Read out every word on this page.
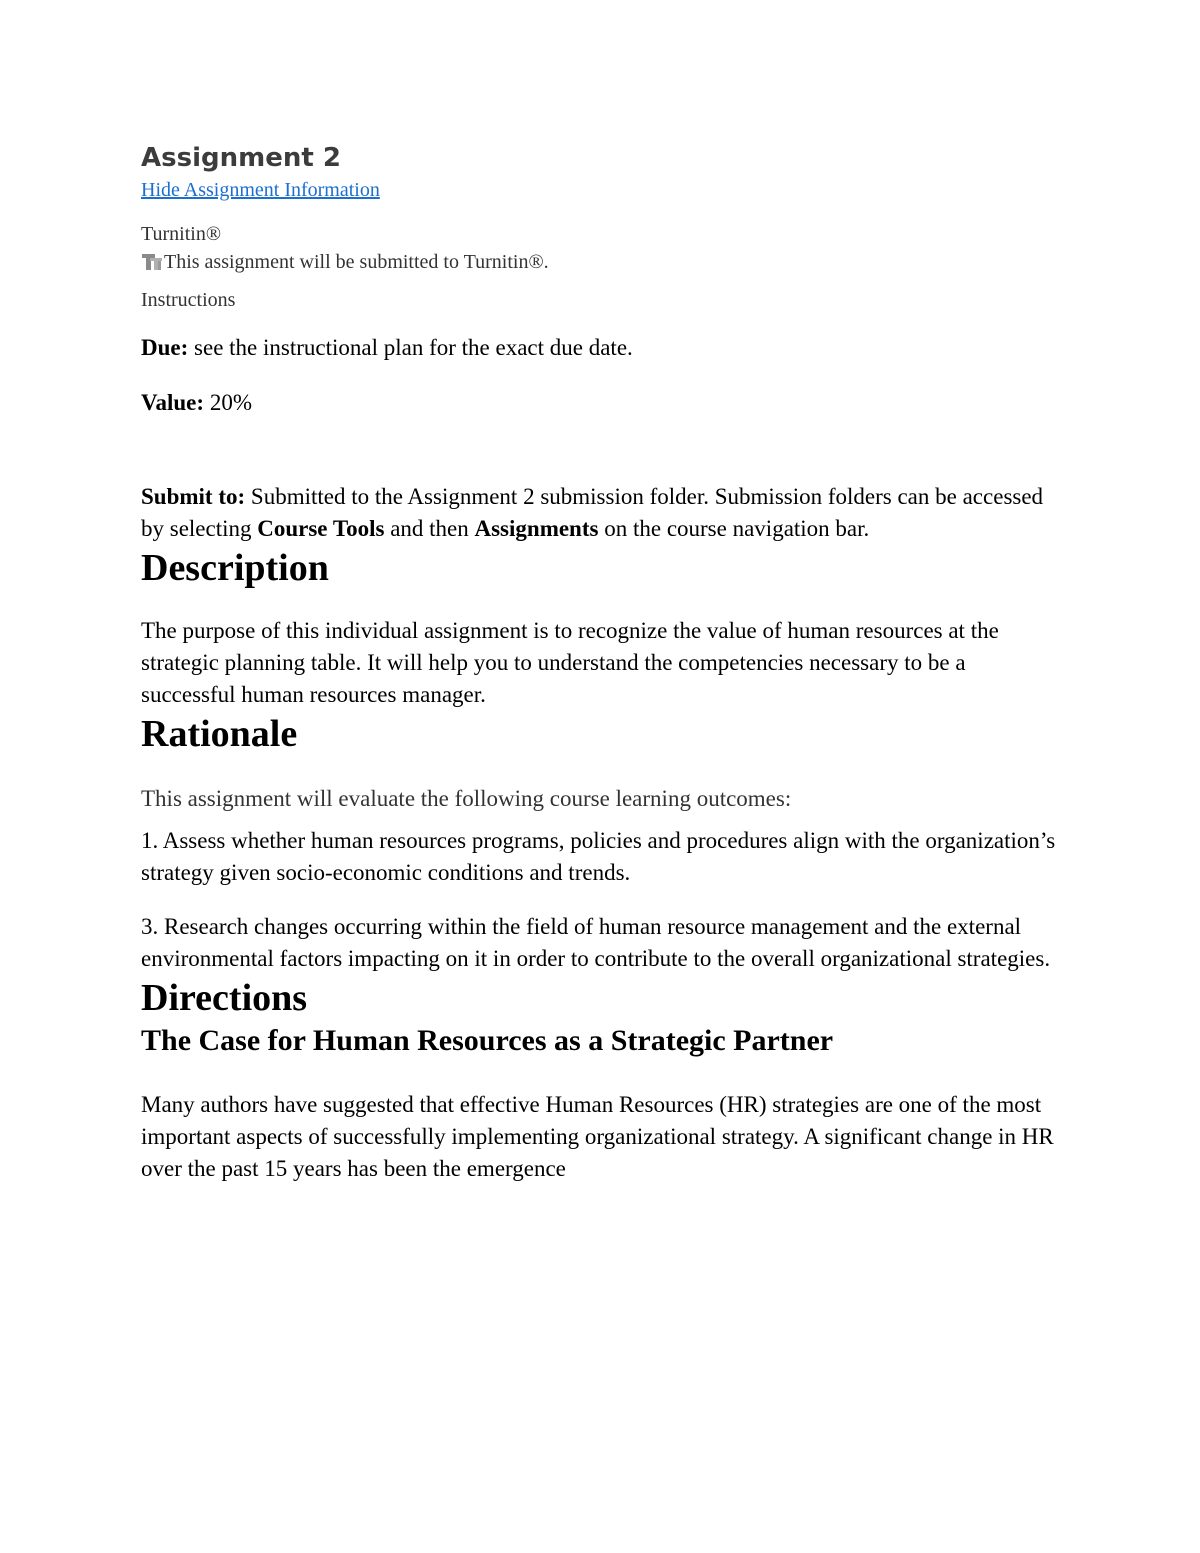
Assignment 2
Hide Assignment Information
Turnitin®
This assignment will be submitted to Turnitin®.
Instructions

Due: see the instructional plan for the exact due date.

Value: 20%

Submit to: Submitted to the Assignment 2 submission folder. Submission folders can be accessed by selecting Course Tools and then Assignments on the course navigation bar.

Description

The purpose of this individual assignment is to recognize the value of human resources at the strategic planning table. It will help you to understand the competencies necessary to be a successful human resources manager.

Rationale

This assignment will evaluate the following course learning outcomes:

1. Assess whether human resources programs, policies and procedures align with the organization’s strategy given socio-economic conditions and trends.

3. Research changes occurring within the field of human resource management and the external environmental factors impacting on it in order to contribute to the overall organizational strategies.

Directions
The Case for Human Resources as a Strategic Partner

Many authors have suggested that effective Human Resources (HR) strategies are one of the most important aspects of successfully implementing organizational strategy. A significant change in HR over the past 15 years has been the emergence
